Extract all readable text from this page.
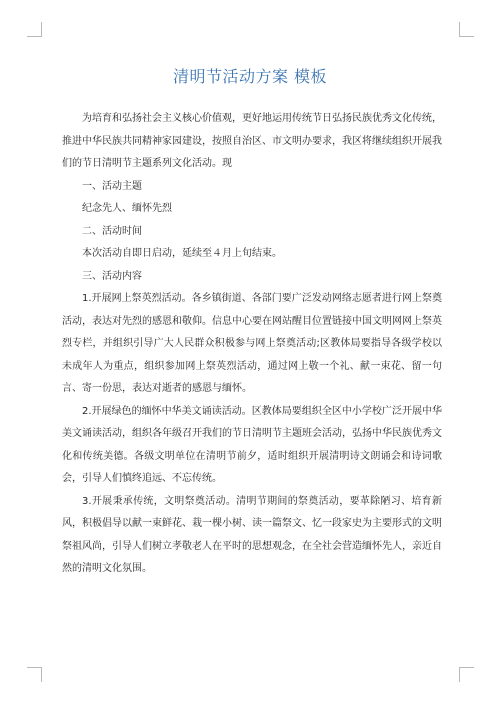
清明节活动方案 模板

为培育和弘扬社会主义核心价值观，更好地运用传统节日弘扬民族优秀文化传统，推进中华民族共同精神家园建设，按照自治区、市文明办要求，我区将继续组织开展我们的节日清明节主题系列文化活动。现

一、活动主题

纪念先人、缅怀先烈

二、活动时间

本次活动自即日启动，延续至４月上旬结束。

三、活动内容

1.开展网上祭英烈活动。各乡镇街道、各部门要广泛发动网络志愿者进行网上祭奠活动，表达对先烈的感恩和敬仰。信息中心要在网站醒目位置链接中国文明网网上祭英烈专栏，并组织引导广大人民群众积极参与网上祭奠活动;区教体局要指导各级学校以未成年人为重点，组织参加网上祭英烈活动，通过网上敬一个礼、献一束花、留一句言、寄一份思，表达对逝者的感恩与缅怀。

2.开展绿色的缅怀中华美文诵读活动。区教体局要组织全区中小学校广泛开展中华美文诵读活动，组织各年级召开我们的节日清明节主题班会活动，弘扬中华民族优秀文化和传统美德。各级文明单位在清明节前夕，适时组织开展清明诗文朗诵会和诗词歌会，引导人们慎终追远、不忘传统。

3.开展秉承传统，文明祭奠活动。清明节期间的祭奠活动，要革除陋习、培育新风，积极倡导以献一束鲜花、栽一棵小树、读一篇祭文、忆一段家史为主要形式的文明祭祖风尚，引导人们树立孝敬老人在平时的思想观念，在全社会营造缅怀先人，亲近自然的清明文化氛围。
